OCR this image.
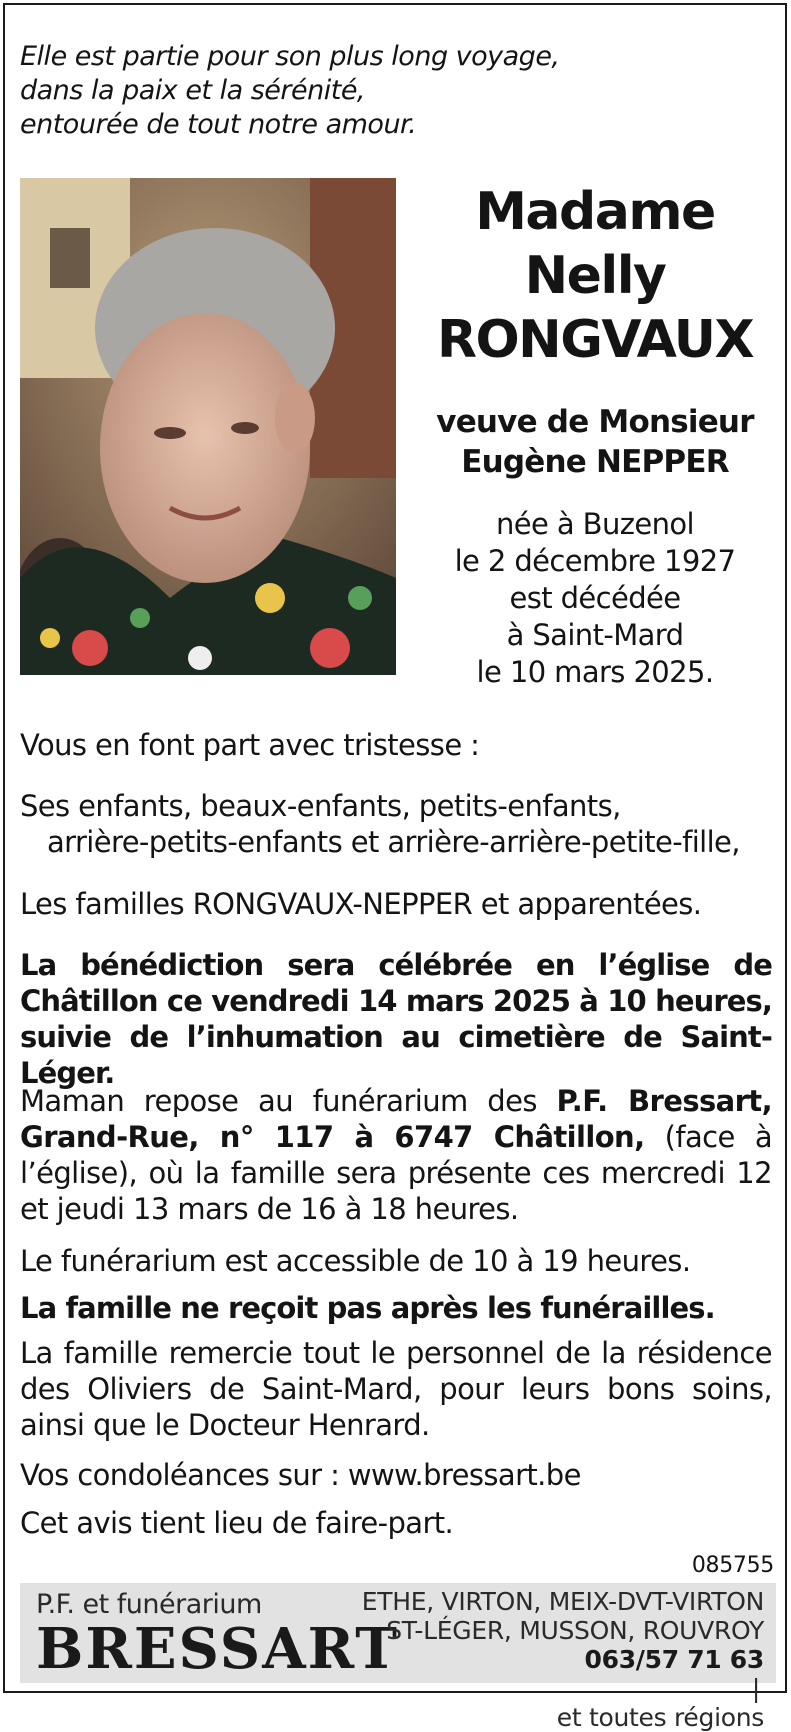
Elle est partie pour son plus long voyage,
dans la paix et la sérénité,
entourée de tout notre amour.
Madame
Nelly
RONGVAUX
veuve de Monsieur
Eugène NEPPER
née à Buzenol
le 2 décembre 1927
est décédée
à Saint-Mard
le 10 mars 2025.
Vous en font part avec tristesse :
Ses enfants, beaux-enfants, petits-enfants,
arrière-petits-enfants et arrière-arrière-petite-fille,
Les familles RONGVAUX-NEPPER et apparentées.
La bénédiction sera célébrée en l’église de Châtillon ce vendredi 14 mars 2025 à 10 heures, suivie de l’inhumation au cimetière de Saint-Léger.
Maman repose au funérarium des P.F. Bressart, Grand-Rue, n° 117 à 6747 Châtillon, (face à l’église), où la famille sera présente ces mercredi 12 et jeudi 13 mars de 16 à 18 heures.
Le funérarium est accessible de 10 à 19 heures.
La famille ne reçoit pas après les funérailles.
La famille remercie tout le personnel de la résidence des Oliviers de Saint-Mard, pour leurs bons soins, ainsi que le Docteur Henrard.
Vos condoléances sur : www.bressart.be
Cet avis tient lieu de faire-part.
085755
P.F. et funérarium
BRESSART
ETHE, VIRTON, MEIX-DVT-VIRTON
ST-LÉGER, MUSSON, ROUVROY
063/57 71 63
|
et toutes régions
